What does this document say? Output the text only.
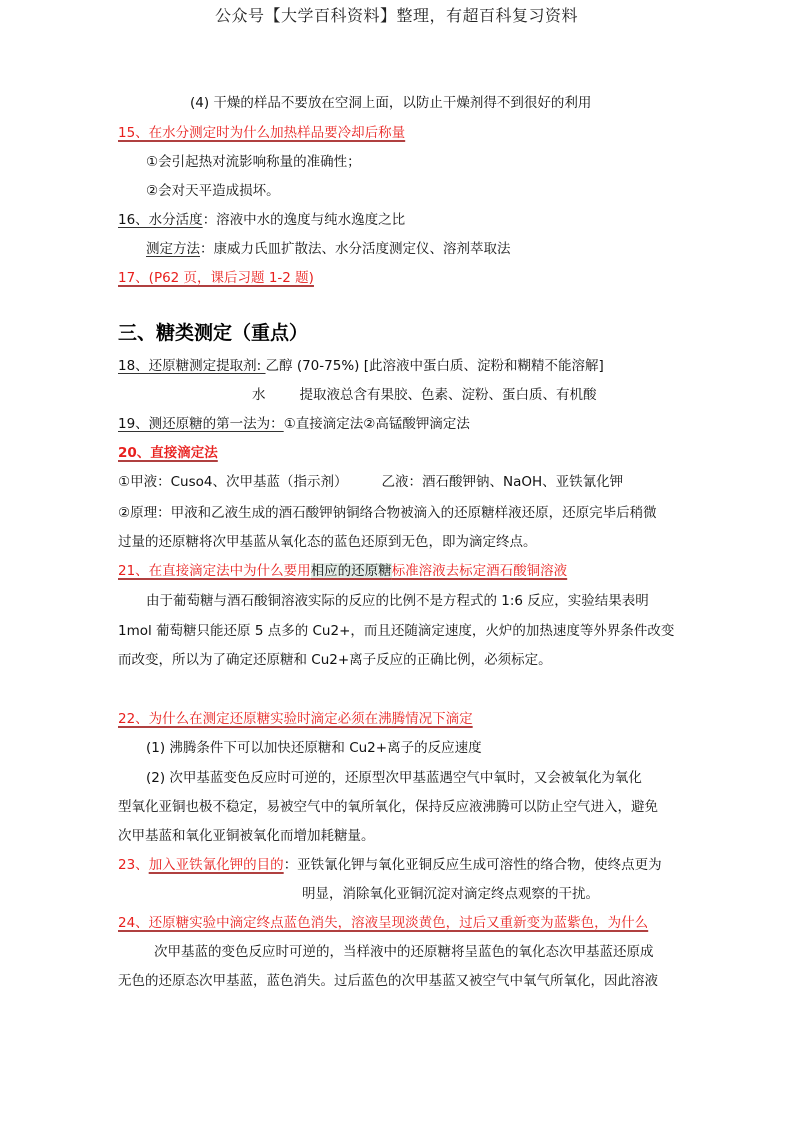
公众号【大学百科资料】整理，有超百科复习资料
(4) 干燥的样品不要放在空洞上面，以防止干燥剂得不到很好的利用
15、在水分测定时为什么加热样品要冷却后称量
①会引起热对流影响称量的准确性；
②会对天平造成损坏。
16、水分活度：溶液中水的逸度与纯水逸度之比
测定方法：康威力氏皿扩散法、水分活度测定仪、溶剂萃取法
17、(P62 页，课后习题 1-2 题)
三、糖类测定（重点）
18、还原糖测定提取剂: 乙醇 (70-75%) [此溶液中蛋白质、淀粉和糊精不能溶解]
水	提取液总含有果胶、色素、淀粉、蛋白质、有机酸
19、测还原糖的第一法为：①直接滴定法②高锰酸钾滴定法
20、直接滴定法
①甲液：Cuso4、次甲基蓝（指示剂）	乙液：酒石酸钾钠、NaOH、亚铁氰化钾
②原理：甲液和乙液生成的酒石酸钾钠铜络合物被滴入的还原糖样液还原，还原完毕后稍微
过量的还原糖将次甲基蓝从氧化态的蓝色还原到无色，即为滴定终点。
21、在直接滴定法中为什么要用相应的还原糖标准溶液去标定酒石酸铜溶液
由于葡萄糖与酒石酸铜溶液实际的反应的比例不是方程式的 1:6 反应，实验结果表明
1mol 葡萄糖只能还原 5 点多的 Cu2+，而且还随滴定速度，火炉的加热速度等外界条件改变
而改变，所以为了确定还原糖和 Cu2+离子反应的正确比例，必须标定。
22、为什么在测定还原糖实验时滴定必须在沸腾情况下滴定
(1) 沸腾条件下可以加快还原糖和 Cu2+离子的反应速度
(2) 次甲基蓝变色反应时可逆的，还原型次甲基蓝遇空气中氧时，又会被氧化为氧化
型氧化亚铜也极不稳定，易被空气中的氧所氧化，保持反应液沸腾可以防止空气进入，避免
次甲基蓝和氧化亚铜被氧化而增加耗糖量。
23、加入亚铁氰化钾的目的：亚铁氰化钾与氧化亚铜反应生成可溶性的络合物，使终点更为
明显，消除氧化亚铜沉淀对滴定终点观察的干扰。
24、还原糖实验中滴定终点蓝色消失，溶液呈现淡黄色，过后又重新变为蓝紫色，为什么
次甲基蓝的变色反应时可逆的，当样液中的还原糖将呈蓝色的氧化态次甲基蓝还原成
无色的还原态次甲基蓝，蓝色消失。过后蓝色的次甲基蓝又被空气中氧气所氧化，因此溶液
